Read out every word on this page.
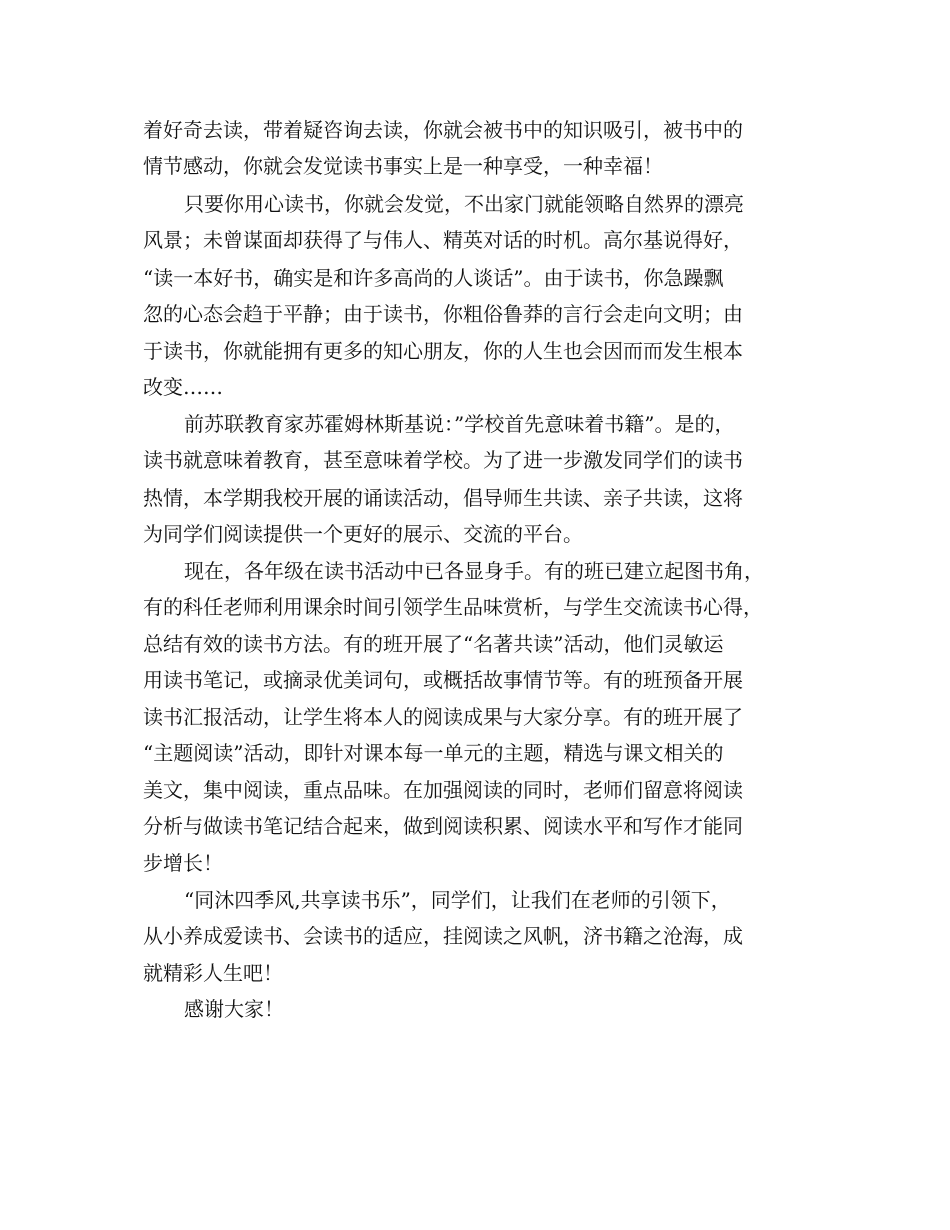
着好奇去读，带着疑咨询去读，你就会被书中的知识吸引，被书中的

情节感动，你就会发觉读书事实上是一种享受，一种幸福！

只要你用心读书，你就会发觉，不出家门就能领略自然界的漂亮

风景；未曾谋面却获得了与伟人、精英对话的时机。高尔基说得好，

“读一本好书，确实是和许多高尚的人谈话”。由于读书，你急躁飘

忽的心态会趋于平静；由于读书，你粗俗鲁莽的言行会走向文明；由

于读书，你就能拥有更多的知心朋友，你的人生也会因而而发生根本

改变……

前苏联教育家苏霍姆林斯基说：”学校首先意味着书籍”。是的，

读书就意味着教育，甚至意味着学校。为了进一步激发同学们的读书

热情，本学期我校开展的诵读活动，倡导师生共读、亲子共读，这将

为同学们阅读提供一个更好的展示、交流的平台。

现在，各年级在读书活动中已各显身手。有的班已建立起图书角，

有的科任老师利用课余时间引领学生品味赏析，与学生交流读书心得，

总结有效的读书方法。有的班开展了“名著共读”活动，他们灵敏运

用读书笔记，或摘录优美词句，或概括故事情节等。有的班预备开展

读书汇报活动，让学生将本人的阅读成果与大家分享。有的班开展了

“主题阅读”活动，即针对课本每一单元的主题，精选与课文相关的

美文，集中阅读，重点品味。在加强阅读的同时，老师们留意将阅读

分析与做读书笔记结合起来，做到阅读积累、阅读水平和写作才能同

步增长！

“同沐四季风,共享读书乐”，同学们，让我们在老师的引领下，

从小养成爱读书、会读书的适应，挂阅读之风帆，济书籍之沧海，成

就精彩人生吧！

感谢大家！
